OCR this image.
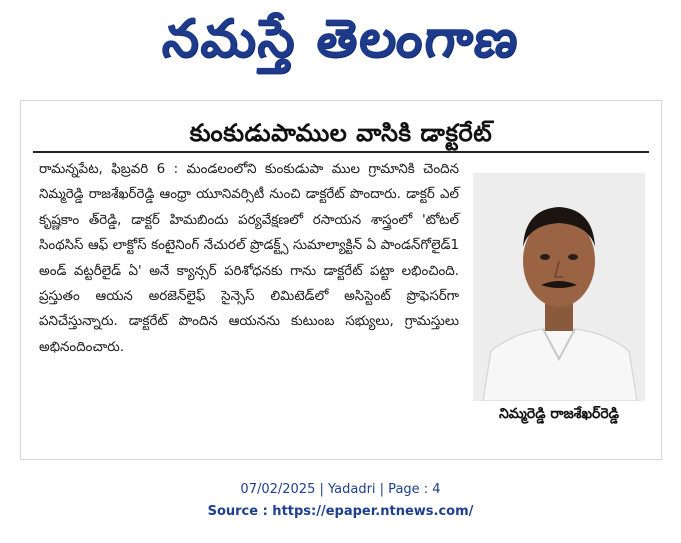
నమస్తే తెలంగాణ
కుంకుడుపాముల వాసికి డాక్టరేట్
రామన్నపేట, ఫిబ్రవరి 6 : మండలంలోని కుంకుడుపా ముల గ్రామానికి చెందిన నిమ్మరెడ్డి రాజశేఖర్‌రెడ్డి ఆంధ్రా యూనివర్సిటీ నుంచి డాక్టరేట్ పొందారు. డాక్టర్ ఎల్ కృష్ణకాం త్‌రెడ్డి, డాక్టర్ హిమబిందు పర్యవేక్షణలో రసాయన శాస్త్రంలో 'టోటల్ సింథసిస్ ఆఫ్ లాక్టోస్ కంటైనింగ్ నేచురల్ ప్రొడక్ట్స్ సుమాల్యాక్టిన్ ఏ పాండన్‌గోలైడ్1 అండ్ వట్టరీలైడ్ ఏ' అనే క్యాన్సర్ పరిశోధనకు గాను డాక్టరేట్ పట్టా లభించింది. ప్రస్తుతం ఆయన అరజెన్‌లైఫ్ సైన్సెస్ లిమిటెడ్‌లో అసిస్టెంట్ ప్రొఫెసర్‌గా పనిచేస్తున్నారు. డాక్టరేట్ పొందిన ఆయనను కుటుంబ సభ్యులు, గ్రామస్తులు అభినందించారు.
నిమ్మరెడ్డి రాజశేఖర్‌రెడ్డి
07/02/2025 | Yadadri | Page : 4
Source : https://epaper.ntnews.com/
